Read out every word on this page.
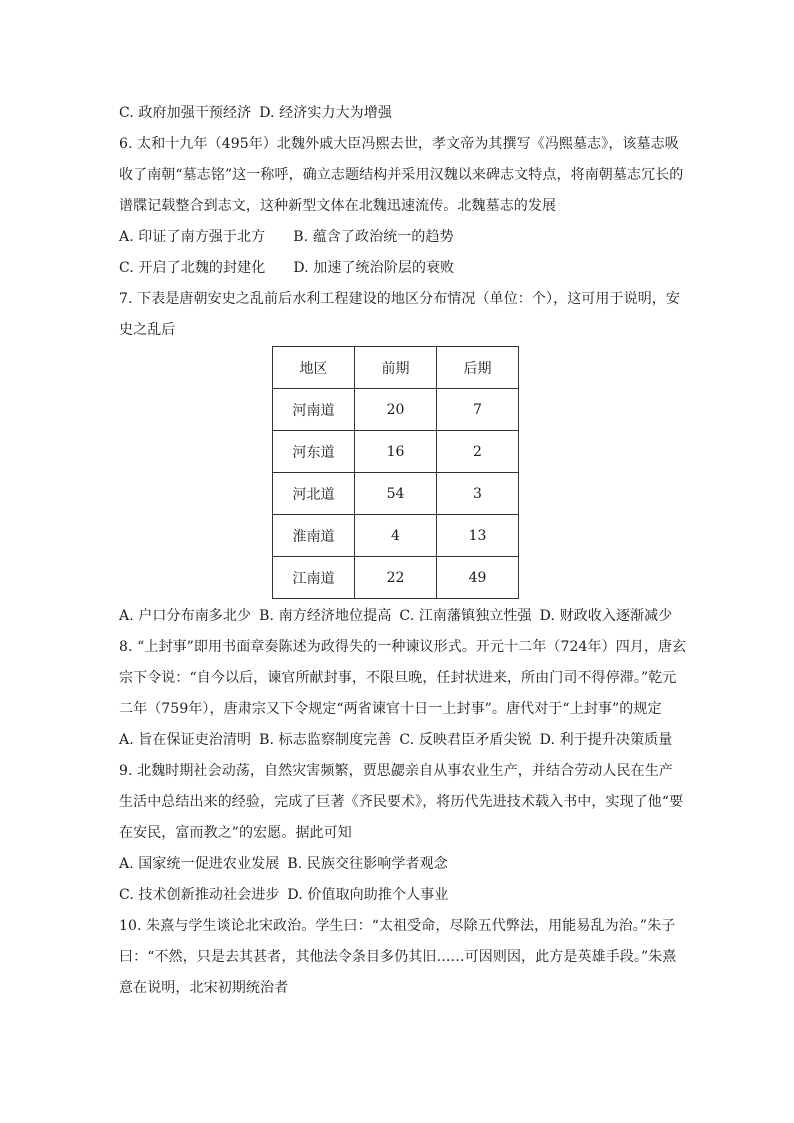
C. 政府加强干预经济 D. 经济实力大为增强
6. 太和十九年（495年）北魏外戚大臣冯熙去世，孝文帝为其撰写《冯熙墓志》，该墓志吸
收了南朝“墓志铭”这一称呼，确立志题结构并采用汉魏以来碑志文特点，将南朝墓志冗长的
谱牒记载整合到志文，这种新型文体在北魏迅速流传。北魏墓志的发展
A. 印证了南方强于北方 B. 蕴含了政治统一的趋势
C. 开启了北魏的封建化 D. 加速了统治阶层的衰败
7. 下表是唐朝安史之乱前后水利工程建设的地区分布情况（单位：个），这可用于说明，安
史之乱后
地区	前期	后期
河南道	20	7
河东道	16	2
河北道	54	3
淮南道	4	13
江南道	22	49
A. 户口分布南多北少 B. 南方经济地位提高 C. 江南藩镇独立性强 D. 财政收入逐渐减少
8. “上封事”即用书面章奏陈述为政得失的一种谏议形式。开元十二年（724年）四月，唐玄
宗下令说：“自今以后，谏官所献封事，不限旦晚，任封状进来，所由门司不得停滞。”乾元
二年（759年），唐肃宗又下令规定“两省谏官十日一上封事”。唐代对于“上封事”的规定
A. 旨在保证吏治清明 B. 标志监察制度完善 C. 反映君臣矛盾尖锐 D. 利于提升决策质量
9. 北魏时期社会动荡，自然灾害频繁，贾思勰亲自从事农业生产，并结合劳动人民在生产
生活中总结出来的经验，完成了巨著《齐民要术》，将历代先进技术载入书中，实现了他“要
在安民，富而教之”的宏愿。据此可知
A. 国家统一促进农业发展 B. 民族交往影响学者观念
C. 技术创新推动社会进步 D. 价值取向助推个人事业
10. 朱熹与学生谈论北宋政治。学生曰：“太祖受命，尽除五代弊法，用能易乱为治。”朱子
曰：“不然，只是去其甚者，其他法令条目多仍其旧……可因则因，此方是英雄手段。”朱熹
意在说明，北宋初期统治者
